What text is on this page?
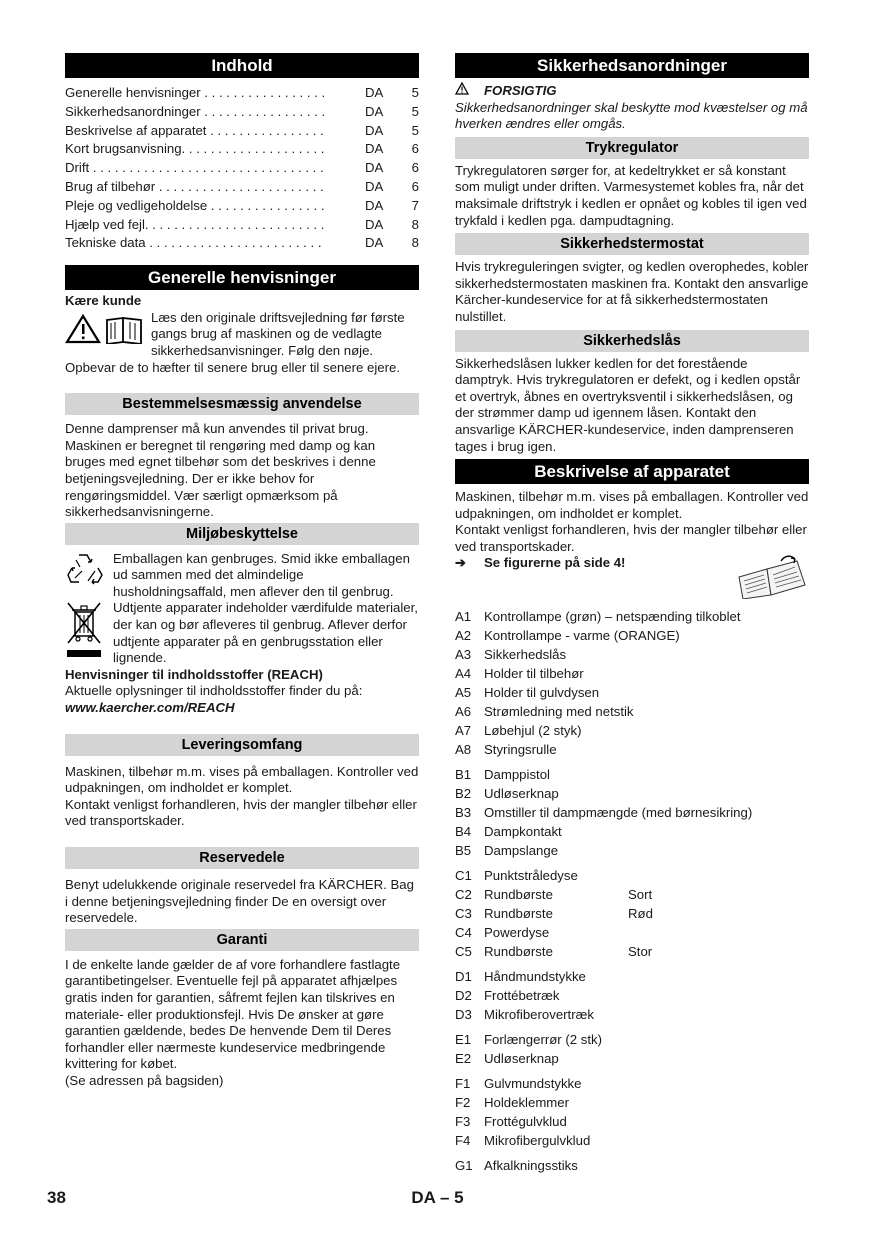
Indhold
Generelle henvisninger . . . . . . . . . . . . . . . . .	DA	5
Sikkerhedsanordninger . . . . . . . . . . . . . . . . .	DA	5
Beskrivelse af apparatet . . . . . . . . . . . . . . . .	DA	5
Kort brugsanvisning. . . . . . . . . . . . . . . . . . . .	DA	6
Drift . . . . . . . . . . . . . . . . . . . . . . . . . . . . . . . .	DA	6
Brug af tilbehør . . . . . . . . . . . . . . . . . . . . . . .	DA	6
Pleje og vedligeholdelse . . . . . . . . . . . . . . . .	DA	7
Hjælp ved fejl. . . . . . . . . . . . . . . . . . . . . . . . .	DA	8
Tekniske data . . . . . . . . . . . . . . . . . . . . . . . .	DA	8
Generelle henvisninger

Kære kunde

Læs den originale driftsvejledning før første gangs brug af maskinen og de vedlagte sikkerhedsanvisninger. Følg den nøje.

Opbevar de to hæfter til senere brug eller til senere ejere.

Bestemmelsesmæssig anvendelse

Denne damprenser må kun anvendes til privat brug. Maskinen er beregnet til rengøring med damp og kan bruges med egnet tilbehør som det beskrives i denne betjeningsvejledning. Der er ikke behov for rengøringsmiddel. Vær særligt opmærksom på sikkerhedsanvisningerne.

Miljøbeskyttelse

Emballagen kan genbruges. Smid ikke emballagen ud sammen med det almindelige husholdningsaffald, men aflever den til genbrug.

Udtjente apparater indeholder værdifulde materialer, der kan og bør afleveres til genbrug. Aflever derfor udtjente apparater på en genbrugsstation eller lignende.

Henvisninger til indholdsstoffer (REACH)

Aktuelle oplysninger til indholdsstoffer finder du på:

www.kaercher.com/REACH

Leveringsomfang

Maskinen, tilbehør m.m. vises på emballagen. Kontroller ved udpakningen, om indholdet er komplet.

Kontakt venligst forhandleren, hvis der mangler tilbehør eller ved transportskader.

Reservedele

Benyt udelukkende originale reservedel fra KÄRCHER. Bag i denne betjeningsvejledning finder De en oversigt over reservedele.

Garanti

I de enkelte lande gælder de af vore forhandlere fastlagte garantibetingelser. Eventuelle fejl på apparatet afhjælpes gratis inden for garantien, såfremt fejlen kan tilskrives en materiale- eller produktionsfejl. Hvis De ønsker at gøre garantien gældende, bedes De henvende Dem til Deres forhandler eller nærmeste kundeservice medbringende kvittering for købet.

(Se adressen på bagsiden)

Sikkerhedsanordninger
FORSIGTIG

Sikkerhedsanordninger skal beskytte mod kvæstelser og må hverken ændres eller omgås.

Trykregulator

Trykregulatoren sørger for, at kedeltrykket er så konstant som muligt under driften. Varmesystemet kobles fra, når det maksimale driftstryk i kedlen er opnået og kobles til igen ved trykfald i kedlen pga. dampudtagning.

Sikkerhedstermostat

Hvis trykreguleringen svigter, og kedlen overophedes, kobler sikkerhedstermostaten maskinen fra. Kontakt den ansvarlige Kärcher-kundeservice for at få sikkerhedstermostaten nulstillet.

Sikkerhedslås

Sikkerhedslåsen lukker kedlen for det forestående damptryk. Hvis trykregulatoren er defekt, og i kedlen opstår et overtryk, åbnes en overtryksventil i sikkerhedslåsen, og der strømmer damp ud igennem låsen. Kontakt den ansvarlige KÄRCHER-kundeservice, inden damprenseren tages i brug igen.

Beskrivelse af apparatet

Maskinen, tilbehør m.m. vises på emballagen. Kontroller ved udpakningen, om indholdet er komplet.

Kontakt venligst forhandleren, hvis der mangler tilbehør eller ved transportskader.

➔	Se figurerne på side 4!
A1 Kontrollampe (grøn) – netspænding tilkoblet
A2 Kontrollampe - varme (ORANGE)
A3 Sikkerhedslås
A4 Holder til tilbehør
A5 Holder til gulvdysen
A6 Strømledning med netstik
A7 Løbehjul (2 styk)
A8 Styringsrulle
B1 Damppistol
B2 Udløserknap
B3 Omstiller til dampmængde (med børnesikring)
B4 Dampkontakt
B5 Dampslange
C1 Punktstråledyse
C2 Rundbørste	Sort
C3 Rundbørste	Rød
C4 Powerdyse
C5 Rundbørste	Stor
D1 Håndmundstykke
D2 Frottébetræk
D3 Mikrofiberovertræk
E1 Forlængerrør (2 stk)
E2 Udløserknap
F1	Gulvmundstykke
F2	Holdeklemmer
F3	Frottégulvklud
F4	Mikrofibergulvklud
G1 Afkalkningsstiks
38	DA – 5
